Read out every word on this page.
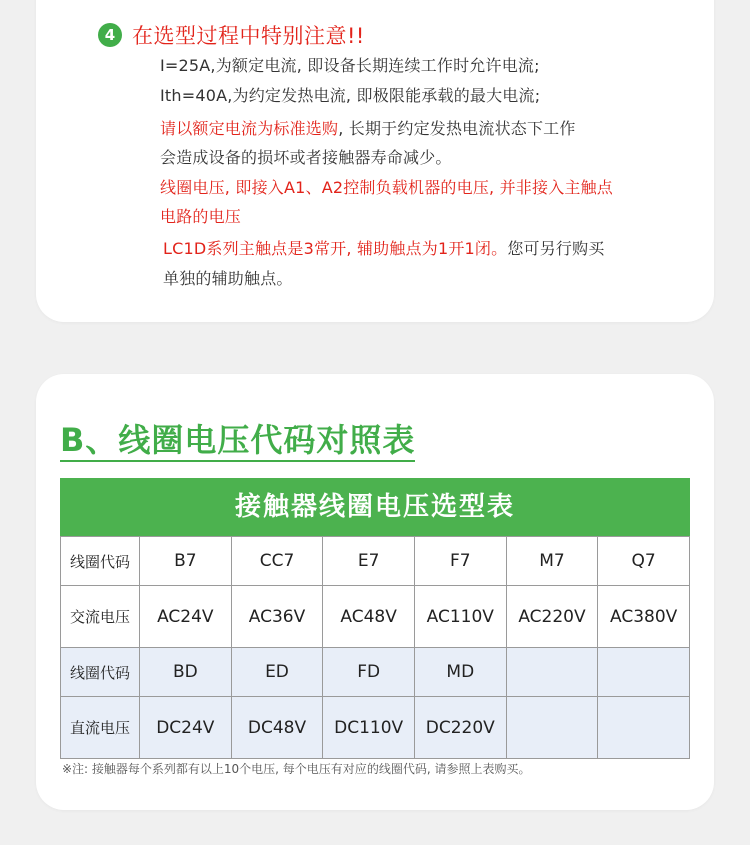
4 在选型过程中特别注意!!
I=25A,为额定电流, 即设备长期连续工作时允许电流;
Ith=40A,为约定发热电流, 即极限能承载的最大电流;
请以额定电流为标准选购, 长期于约定发热电流状态下工作
会造成设备的损坏或者接触器寿命减少。
线圈电压, 即接入A1、A2控制负载机器的电压, 并非接入主触点
电路的电压
LC1D系列主触点是3常开, 辅助触点为1开1闭。您可另行购买
单独的辅助触点。
B、线圈电压代码对照表
接触器线圈电压选型表
线圈代码	B7	CC7	E7	F7	M7	Q7
交流电压	AC24V	AC36V	AC48V	AC110V	AC220V	AC380V
线圈代码	BD	ED	FD	MD		
直流电压	DC24V	DC48V	DC110V	DC220V		
※注: 接触器每个系列都有以上10个电压, 每个电压有对应的线圈代码, 请参照上表购买。
